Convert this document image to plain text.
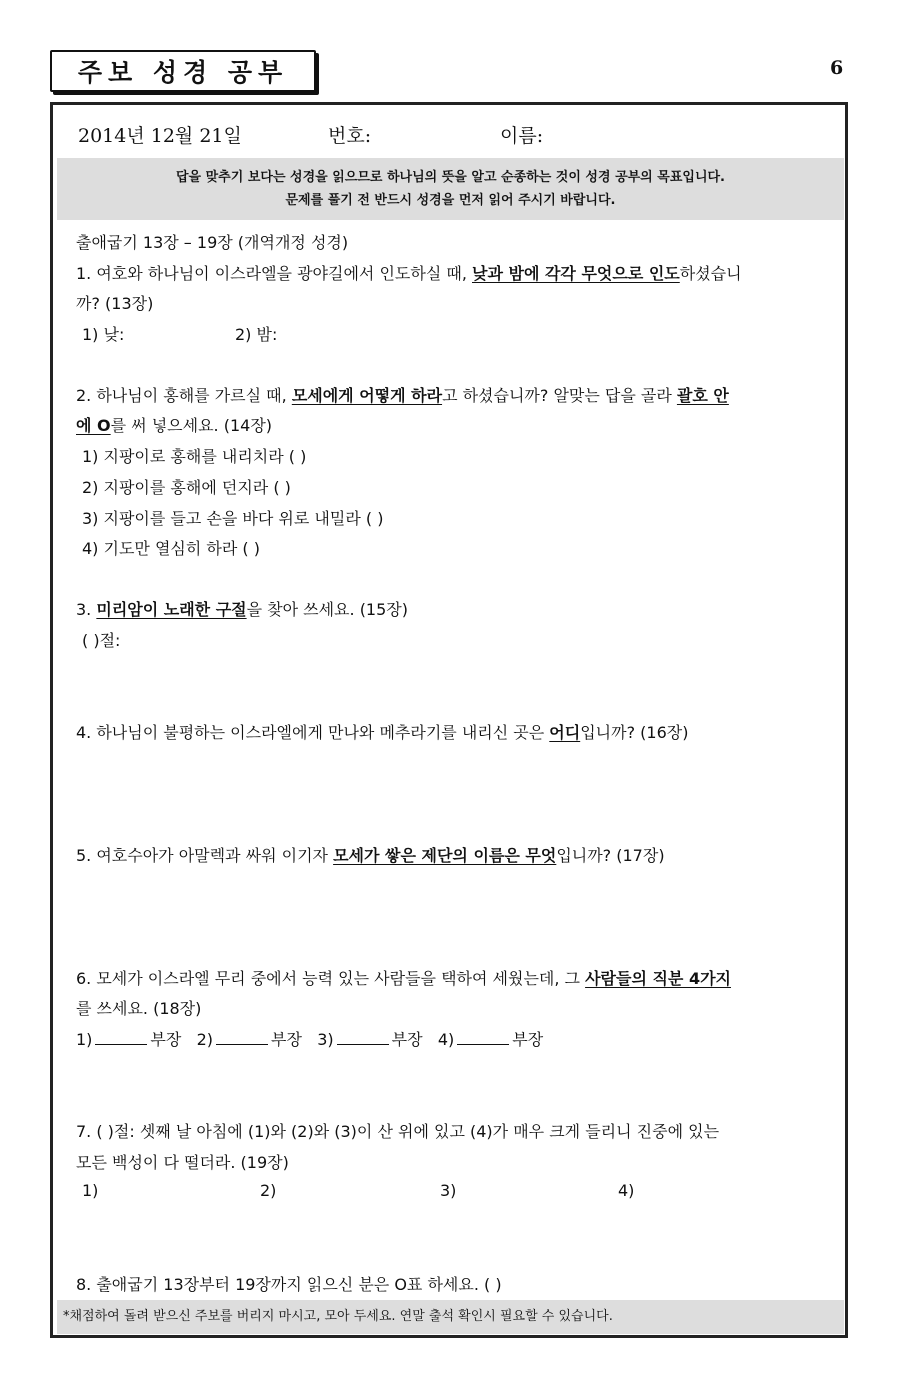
주보 성경 공부	6
2014년 12월 21일	번호:	이름:
답을 맞추기 보다는 성경을 읽으므로 하나님의 뜻을 알고 순종하는 것이 성경 공부의 목표입니다.
문제를 풀기 전 반드시 성경을 먼저 읽어 주시기 바랍니다.
출애굽기 13장 – 19장 (개역개정 성경)
1. 여호와 하나님이 이스라엘을 광야길에서 인도하실 때, 낮과 밤에 각각 무엇으로 인도하셨습니
까? (13장)
1) 낮:	2) 밤:
2. 하나님이 홍해를 가르실 때, 모세에게 어떻게 하라고 하셨습니까? 알맞는 답을 골라 괄호 안
에 O를 써 넣으세요. (14장)
1) 지팡이로 홍해를 내리치라 ( )
2) 지팡이를 홍해에 던지라 ( )
3) 지팡이를 들고 손을 바다 위로 내밀라 ( )
4) 기도만 열심히 하라 ( )
3. 미리암이 노래한 구절을 찾아 쓰세요. (15장)
( )절:
4. 하나님이 불평하는 이스라엘에게 만나와 메추라기를 내리신 곳은 어디입니까? (16장)
5. 여호수아가 아말렉과 싸워 이기자 모세가 쌓은 제단의 이름은 무엇입니까? (17장)
6. 모세가 이스라엘 무리 중에서 능력 있는 사람들을 택하여 세웠는데, 그 사람들의 직분 4가지
를 쓰세요. (18장)
1)	부장 2)	부장 3)	부장 4)	부장
7. ( )절: 셋째 날 아침에 (1)와 (2)와 (3)이 산 위에 있고 (4)가 매우 크게 들리니 진중에 있는
모든 백성이 다 떨더라. (19장)
1)	2)	3)	4)
8. 출애굽기 13장부터 19장까지 읽으신 분은 O표 하세요. ( )
*채점하여 돌려 받으신 주보를 버리지 마시고, 모아 두세요. 연말 출석 확인시 필요할 수 있습니다.
